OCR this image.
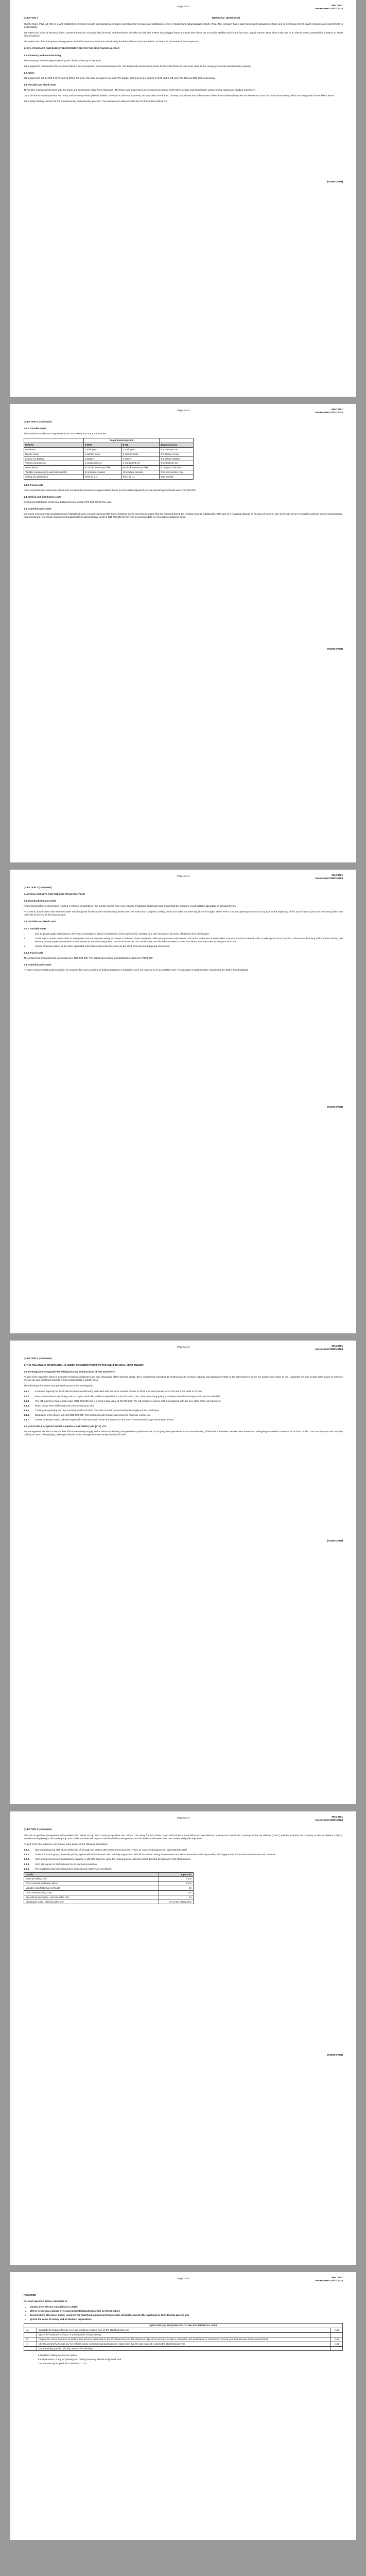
Page 2 of 8	MAC3701
Assessment 02/S1/2024
QUESTION 1	(100 Marks; 180 Minutes)

Sheshe Nami (Pty) Ltd (SN) is a well-established electronic bicycle manufacturing company operating from its plant and distribution centre in Middelburg (Mpumalanga), South Africa. The company has a state-dominated management team and is well known for its quality products and commitment to sustainability.

SN makes two types of electrical bikes, namely the Electric mountain bike (E-MTB) and the Electric city bike (E-CB). The E-MTB has a bigger frame and tyres than the E-CB to provide stability and control for more rugged terrains. Both bikes make use of an electric motor, powered by a battery, to assist with propulsion.

SN makes use of an absorption costing system and all its inventory items are valued using the first-in-first-out (FIFO) method. SN has a 31 December financial year end.

1. SN's STANDARD AND BUDGETED INFORMATION FOR THE 2023 FINANCIAL YEAR
1.1. Inventory and manufacturing

The company had no budgeted opening and closing inventory of any type.

SN budgeted to manufacture the electronic bikes in direct proportion to its standard sales mix. The budgeted manufacturing levels for the 2023 financial year were equal to the company's normal manufacturing capacity.

1.2. Sales

SN budgeted to sell 24 000 E-MTB and 16 000 E-CB units. One bike is equal to one unit. The budget selling price per unit for E-MTB and E-CB was R28 000 and R26 000 respectively.

1.3. Variable and Fixed costs

The E-bike manufacturing starts with the frame and suspension made from Aluminium. The frame and suspension are produced according to the bike's design and specification using various cutting and bending machinery.

Once the frame and suspension are ready, various components (wheels, brakes, drivetrain & other components) are attached to the frame. The key components that differentiate E-bikes from traditional bicycles are the electric motor and lithium-ion battery, which are integrated into the bike's frame.

SN employs factory workers for the manufacturing and assembly process. The standard is to allow 6% idle time for these direct labourers.

[TURN OVER]
Page 3 of 8	MAC3701
Assessment 02/S1/2024
QUESTION 1 (continued)
1.3.1. Variable costs

The standard variable cost requirements for one E-MTB and one E-CB unit are:

	Requirements per unit		
INPUTS	E-MTB	E-CB	Budgeted price
Aluminium	1,8 kilogram	1,5 kilogram	R 42 000 per ton
Electric motor	1 electric motor	1 electric motor	R 3 800 per motor
Lithium-ion Battery	1 battery	1 battery	R 5 000 per battery
Various components	1 component set	1 component set	R 12 500 per set
Direct labour	60 clock minutes per bike	90 clock minutes per bike	R 105 per clock hour
Variable manufacturing overheads (VMO)	45 machine minutes	45 machine minutes	R13 per machine hour
Selling and distribution	Refer to 1.4	Refer to 1.4	R50 per bike
1.3.2. Fixed costs

Fixed manufacturing overhead costs (FMO) are allocated based on budgeted labour hours and the total budgeted fixed manufacturing overheads were R20 100 000.

1.4. Selling and distribution costs

Selling and distribution costs were budgeted to be a total of R3 000 000 for the year.

1.5. Administrative costs

Increased environmental regulations have highlighted some concerns around SN's CO2 emissions due to greenhouse gases that are released during the welding process. Additionally, SN's lack of a recycling strategy as an area of concern, due to the use of non-recyclable materials during manufacturing, was underlined. As a result, management budgeted fixed administrative costs of R15 000 000 for the year to accommodate for increased compliance costs.

[TURN OVER]
Page 4 of 8	MAC3701
Assessment 02/S1/2024
QUESTION 1 (continued)
2. ACTUAL RESULTS FOR THE 2023 FINANCIAL YEAR
2.1. Manufacturing and Sales

Rising demand for electrical bikes resulted in intense competition in the market coming from new entrants. Production challenges also meant that the company could not take advantage of demand trends.

As a result, actual sales units were 8% lower than budgeted for the actual manufacturing levels were 5% lower than budgeted. Selling prices and sales mix were equal to the budget. There were no actual opening inventory of any type at the beginning of the 2023 financial year and no closing direct raw materials at the end of the financial year.

2.2. Variable and Fixed costs
2.2.1. Variable costs
i.	Due to global supply chain issues, there was a shortage of lithium-ion batteries in the market which resulted in a 10% increase in the price of batteries from the budget.
ii.	There was a protest union strike as employees had not received salary increases in violation of the multi-year collective agreement with unions. SN had to make use of semi-skilled casual and undocumented staff to make up for lost production. These manufacturing staff's limited training and learning curve progression resulted in an increase in manufacturing time to two clock hours per unit. Additionally, the idle time increased to 10%. The labour rate was lower at R90 per clock hour.
iii.	Unless otherwise stated all the other applicable information will remain the same as the 2023 financial year budgeted information.
2.2.2. Fixed costs

The actual fixed manufacturing overheads were R20 500 000. The actual fixed selling and distribution costs were R500 000.

2.3. Administrative costs

A recent environmental audit resulted in an emission fine and a warning of halting operations if emissions were not reduced to an acceptable level. This resulted in administrative costs being 2% higher than budgeted.

[TURN OVER]
Page 5 of 8	MAC3701
Assessment 02/S1/2024
QUESTION 1 (continued)
3. THE FOLLOWING INFORMATION IS UNDER CONSIDERATION FOR THE 2024 FINANCIAL YEAR BUDGET
3.1. Investigation to upgrade the existing factory and purchase of new machinery.

As part of its expansion plans to deal with emissions challenges and take advantage of the demand trends, SN is considering extending its existing plant to increase capacity and adding new state-of-the-art machinery which are quicker and easier to use. Upgrades will also include solar power to minimise energy use and contribute towards energy sustainability in South Africa.

The following information was gathered as part of the investigation:

3.1.1.	Increased capacity for 2024 will increase manufacturing and sales with the same number of units. E-MTB units will increase to 31 200 and E-CB units to 20 800.
3.1.2.	New state-of-the-art machinery, with a 10-year useful life, will be acquired for a cost of R15 000 000. SN's accounting policy is to depreciate all machinery in full over its useful life.
3.1.3.	The old machinery has a book value of R2 500 000 and a current resale value of R2 000 000. The old machinery will be sold and replaced with the new state-of-the-art machinery.
3.1.4.	Direct labour time will be reduced to 60 minutes per bike.
3.1.5.	Training on operating the new machinery will cost R500 000. This cost will be covered by the supplier of the machinery.
3.1.6.	Expansion to the factory will cost R25 000 000. This expansion will include solar power to minimise energy use.
3.1.7.	Unless otherwise stated, all other applicable information will remain the same as in the 2023 financial year budget information above.
3.2. A POSSIBLE ACQUISITION OF AMANDLA BATTERIES (AB) (PTY) LTD

SN management decided to secure their lithium-ion battery supply and is hence considering the possible acquisition of AB, a company that specialises in the manufacturing of lithium-ion batteries. AB has been known for undergoing its workers to remain in its bond profits. The company was also recently publicly accused of employing underage children, while management ferociously denied this claim.

[TURN OVER]
Page 6 of 8	MAC3701
Assessment 02/S1/2024
QUESTION 1 (continued)

After the acquisition management will establish the "SNAB Group" with a new group ethos and culture. The newly formed SNAB Group will include a head office and two divisions, namely the current SN company as the SN division ("SND") and the acquired AB company as the AB division ("ABD"). Notwithstanding being in the same group, each divisional head will report to the head office management, but the divisions will retain their own market and profit objectives.

As part of the due diligence, the finance team gathered the following information:

3.2.1.	Non-manufacturing staff at AB will be laid off through the section 189 retrenchment process. This is to reduce redundancies in administration staff.
3.2.2.	Under the SNAB group, a transfer pricing system will be introduced. ABD will fully supply SND with all the SND's battery requirements and sell to the extent that it is possible, still supply some of the external customers with batteries.
3.2.3.	AB's annual maximum manufacturing capacity is 120 000 batteries, while the related annual external market demand for batteries is 80 000 batteries.
3.2.4.	SND will require 52 000 batteries for its planned production.
3.2.5.	The budgeted external selling prices and costs per battery are as follows:
Details	R per unit
External selling price	5 500
Direct material and Direct labour	4 000
Variable manufacturing overheads	30
Fixed manufacturing costs	120
Specialised packaging - external sales only	54
Distribution costs - external sales only	2% of the selling price
[TURN OVER]
Page 7 of 8	MAC3701
Assessment 02/S1/2024
REQUIRED

For each question below, remember to:

• Clearly show all your calculations in detail;
• Where necessary, indicate irrelevant amounts/adjustments with an Rl (nil-value);
• Except where otherwise stated, round off the final Rand-amount workings to two decimals, and all other workings to four decimal places; and
• Ignore the value of money and all taxation implications.
QUESTIONS (a) TO (d) RELATE TO THE 2023 FINANCIAL YEAR		
(a)	Calculate the budgeted break-even sales units per product type for the 2023 financial year.	(16)
	Ignore the implications, if any, of opening and closing inventory.	
(b)	Prepare the actual statement of profit or loss (income statement) for the 2023 financial year. The statement of profit or loss must include a column for each product and a Total column. Round your final amounts to the nearest Rand.	(18)
(c)	Identify and briefly discuss any five ethical, social, environmental and business-related risks that SN was exposed to during the 2023 financial year.	(10)
	For answering question (d) only, assume the following:	
• a standard costing system is in place;
• the implications, if any, of opening and closing inventory should be ignored; and
• The standard gross profit for E-MTB is R1 700.
